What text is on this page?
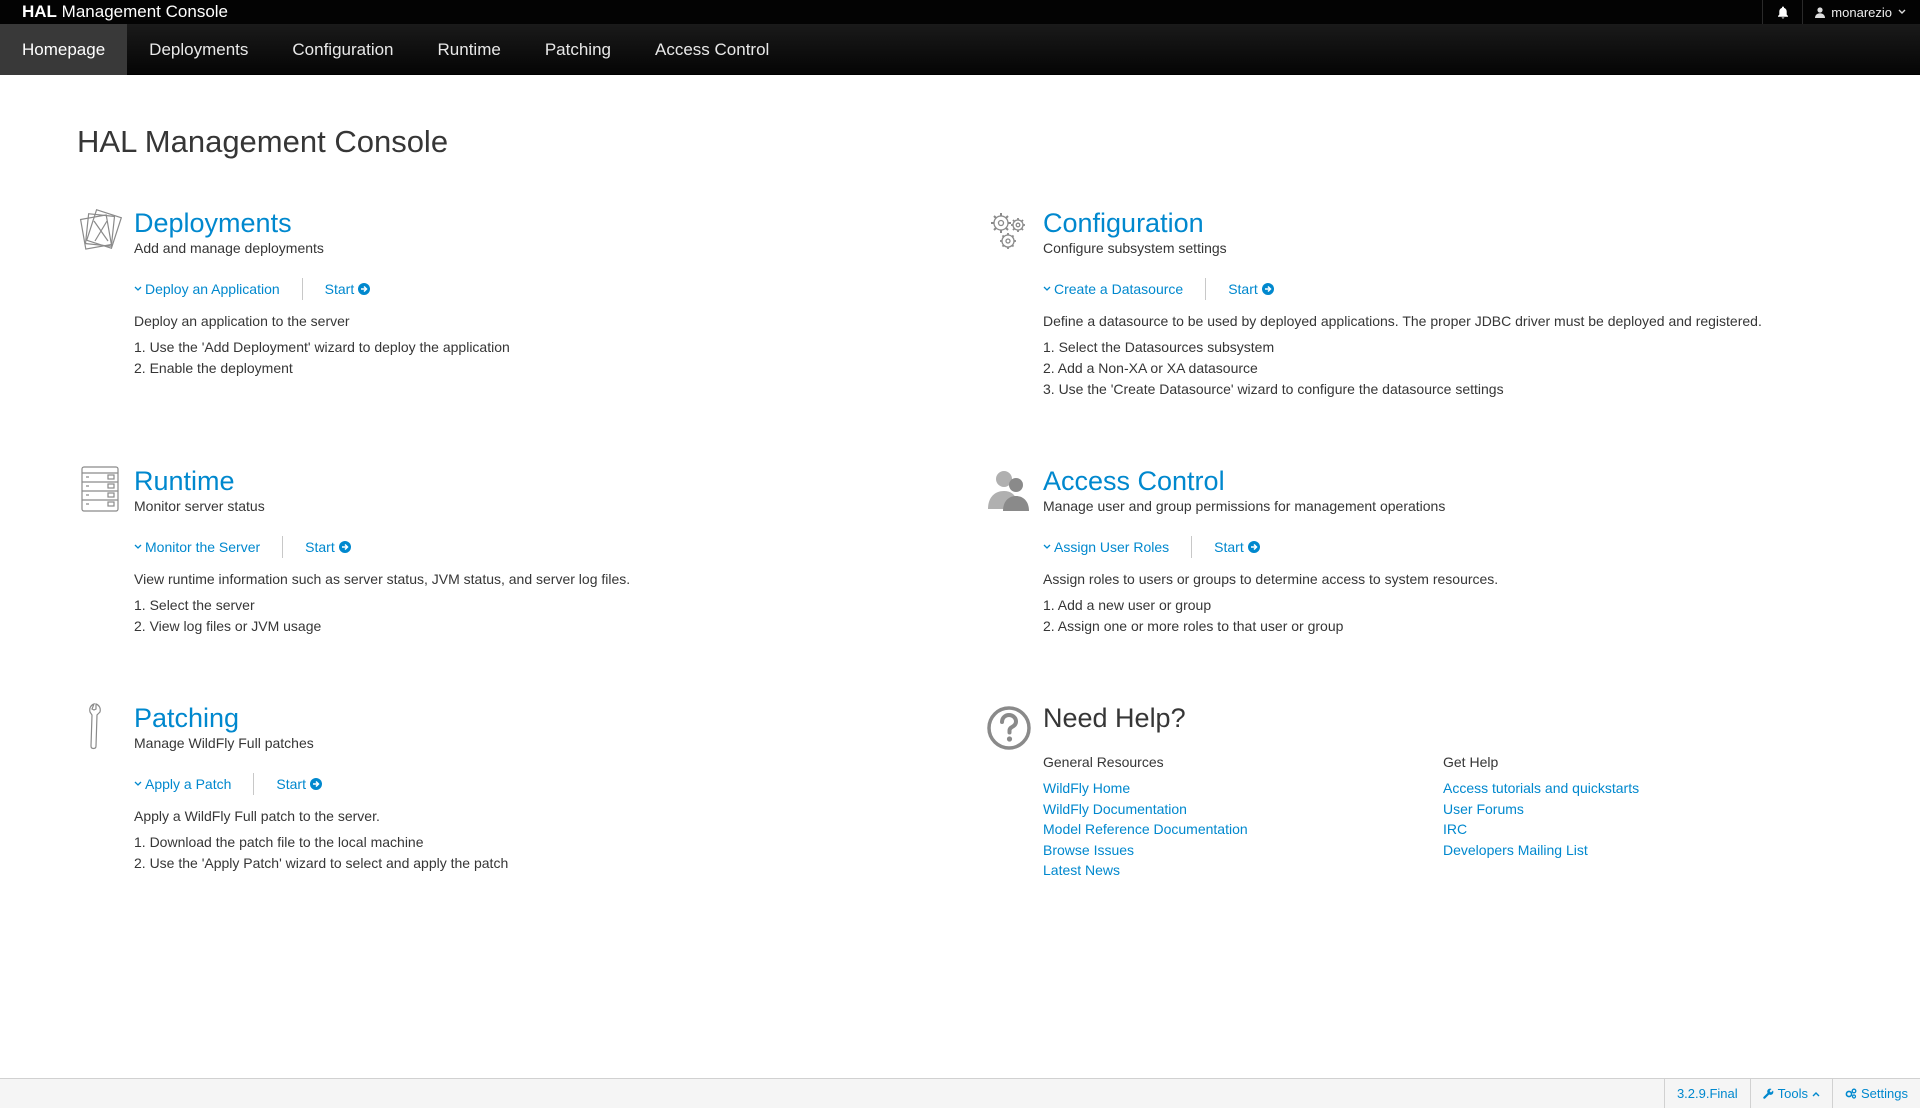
HAL Management Console	monarezio
Homepage	Deployments	Configuration	Runtime	Patching	Access Control
HAL Management Console
Deployments
Add and manage deployments
Deploy an Application	Start
Deploy an application to the server
1. Use the 'Add Deployment' wizard to deploy the application
2. Enable the deployment
Configuration
Configure subsystem settings
Create a Datasource	Start
Define a datasource to be used by deployed applications. The proper JDBC driver must be deployed and registered.
1. Select the Datasources subsystem
2. Add a Non-XA or XA datasource
3. Use the 'Create Datasource' wizard to configure the datasource settings
Runtime
Monitor server status
Monitor the Server	Start
View runtime information such as server status, JVM status, and server log files.
1. Select the server
2. View log files or JVM usage
Access Control
Manage user and group permissions for management operations
Assign User Roles	Start
Assign roles to users or groups to determine access to system resources.
1. Add a new user or group
2. Assign one or more roles to that user or group
Patching
Manage WildFly Full patches
Apply a Patch	Start
Apply a WildFly Full patch to the server.
1. Download the patch file to the local machine
2. Use the 'Apply Patch' wizard to select and apply the patch
Need Help?
General Resources
WildFly Home
WildFly Documentation
Model Reference Documentation
Browse Issues
Latest News
Get Help
Access tutorials and quickstarts
User Forums
IRC
Developers Mailing List
3.2.9.Final	Tools	Settings
